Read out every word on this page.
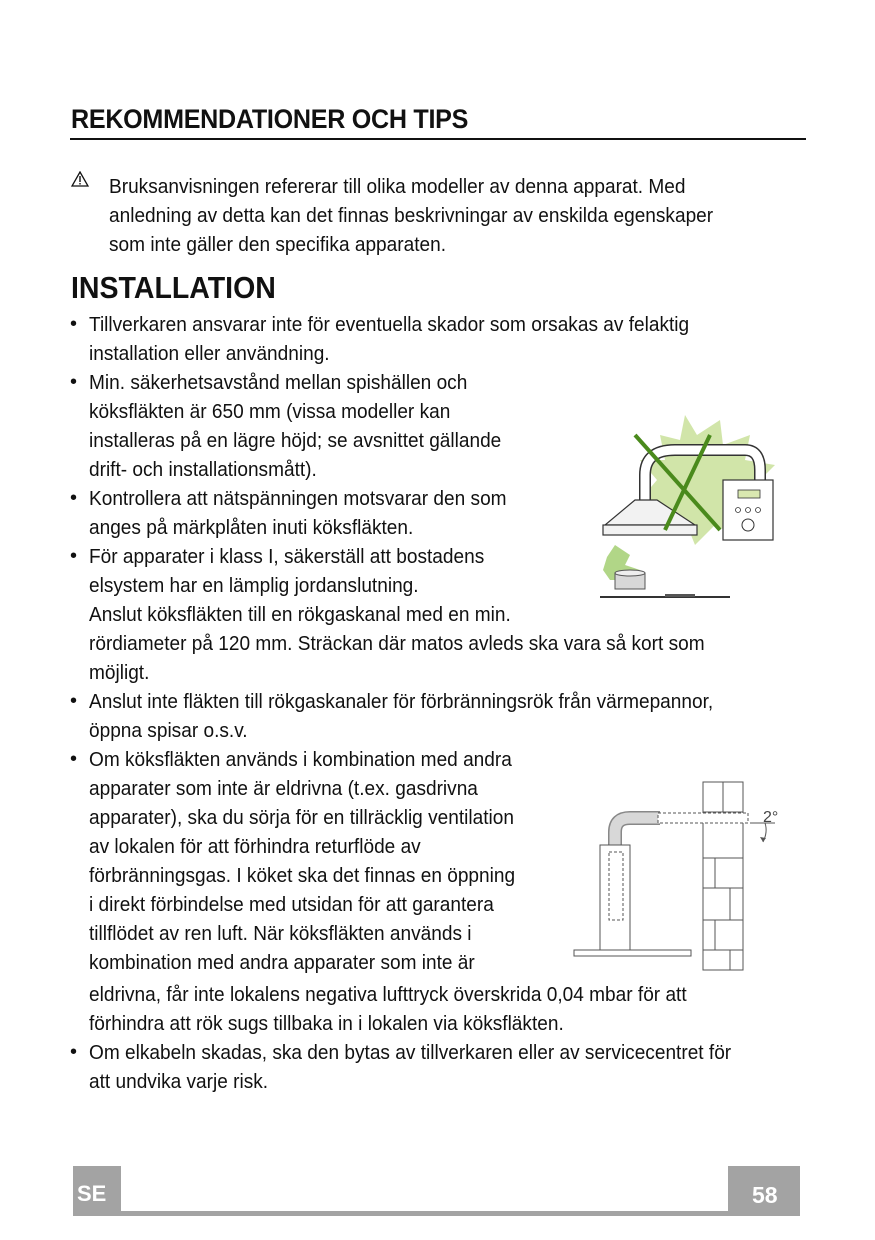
REKOMMENDATIONER OCH TIPS
Bruksanvisningen refererar till olika modeller av denna apparat. Med
anledning av detta kan det finnas beskrivningar av enskilda egenskaper
som inte gäller den specifika apparaten.
INSTALLATION
•
•
•
•
•
•
•
Tillverkaren ansvarar inte för eventuella skador som orsakas av felaktig
installation eller användning.
Min. säkerhetsavstånd mellan spishällen och
köksfläkten är 650 mm (vissa modeller kan
installeras på en lägre höjd; se avsnittet gällande
drift- och installationsmått).
Kontrollera att nätspänningen motsvarar den som
anges på märkplåten inuti köksfläkten.
För apparater i klass I, säkerställ att bostadens
elsystem har en lämplig jordanslutning.
Anslut köksfläkten till en rökgaskanal med en min.
rördiameter på 120 mm. Sträckan där matos avleds ska vara så kort som
möjligt.
Anslut inte fläkten till rökgaskanaler för förbränningsrök från värmepannor,
öppna spisar o.s.v.
Om köksfläkten används i kombination med andra
apparater som inte är eldrivna (t.ex. gasdrivna
apparater), ska du sörja för en tillräcklig ventilation
av lokalen för att förhindra returflöde av
förbränningsgas. I köket ska det finnas en öppning
i direkt förbindelse med utsidan för att garantera
tillflödet av ren luft. När köksfläkten används i
kombination med andra apparater som inte är
eldrivna, får inte lokalens negativa lufttryck överskrida 0,04 mbar för att
förhindra att rök sugs tillbaka in i lokalen via köksfläkten.
Om elkabeln skadas, ska den bytas av tillverkaren eller av servicecentret för
att undvika varje risk.
2°
SE	58
